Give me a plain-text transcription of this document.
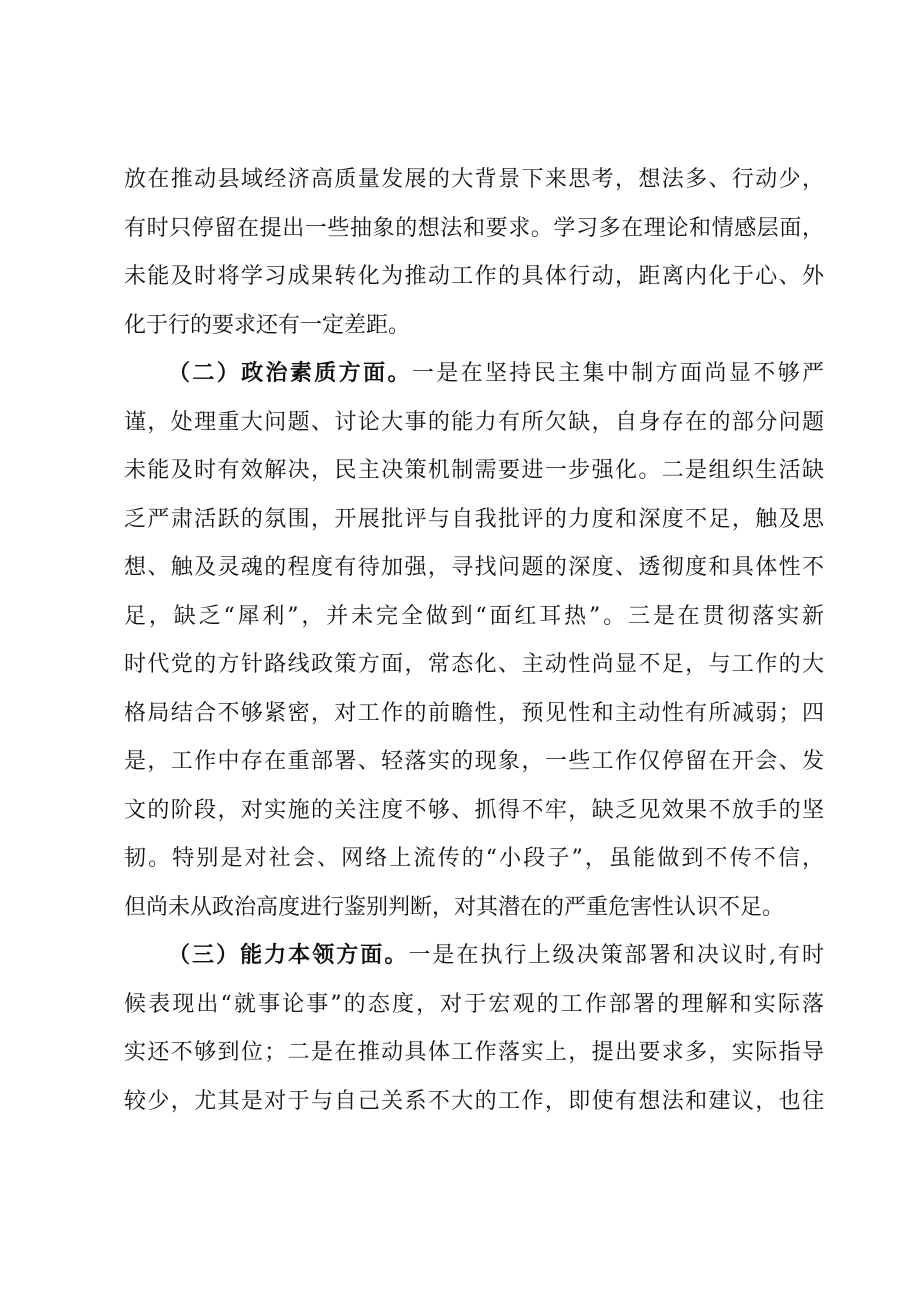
放在推动县域经济高质量发展的大背景下来思考，想法多、行动少，
有时只停留在提出一些抽象的想法和要求。学习多在理论和情感层面，
未能及时将学习成果转化为推动工作的具体行动，距离内化于心、外
化于行的要求还有一定差距。
（二）政治素质方面。一是在坚持民主集中制方面尚显不够严
谨，处理重大问题、讨论大事的能力有所欠缺，自身存在的部分问题
未能及时有效解决，民主决策机制需要进一步强化。二是组织生活缺
乏严肃活跃的氛围，开展批评与自我批评的力度和深度不足，触及思
想、触及灵魂的程度有待加强，寻找问题的深度、透彻度和具体性不
足，缺乏“犀利”，并未完全做到“面红耳热”。三是在贯彻落实新
时代党的方针路线政策方面，常态化、主动性尚显不足，与工作的大
格局结合不够紧密，对工作的前瞻性，预见性和主动性有所减弱；四
是，工作中存在重部署、轻落实的现象，一些工作仅停留在开会、发
文的阶段，对实施的关注度不够、抓得不牢，缺乏见效果不放手的坚
韧。特别是对社会、网络上流传的“小段子”，虽能做到不传不信，
但尚未从政治高度进行鉴别判断，对其潜在的严重危害性认识不足。
（三）能力本领方面。一是在执行上级决策部署和决议时,有时
候表现出“就事论事”的态度，对于宏观的工作部署的理解和实际落
实还不够到位；二是在推动具体工作落实上，提出要求多，实际指导
较少，尤其是对于与自己关系不大的工作，即使有想法和建议，也往
